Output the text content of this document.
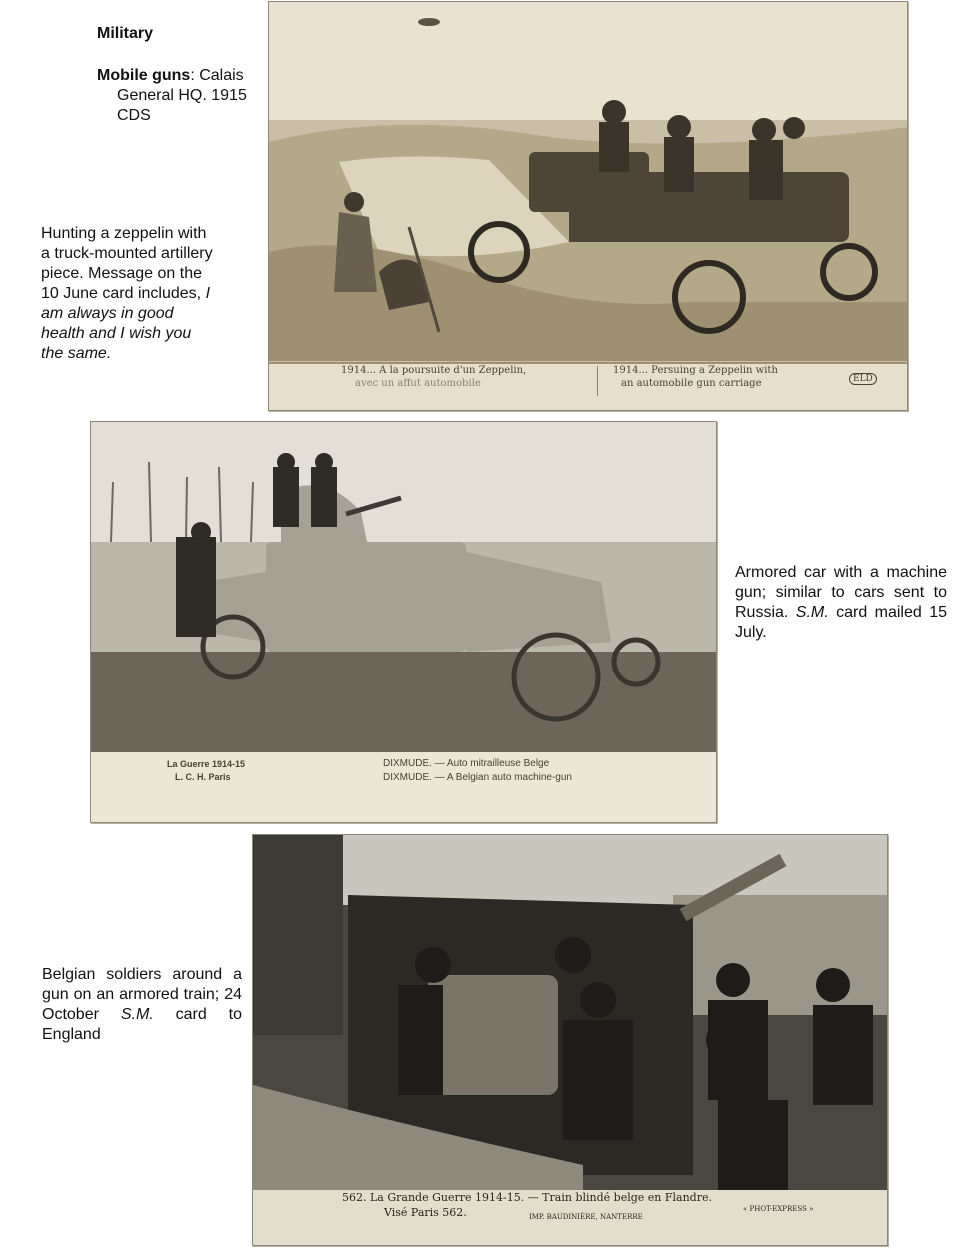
Military
Mobile guns: Calais
General HQ. 1915
CDS
Hunting a zeppelin with
a truck-mounted artillery
piece. Message on the
10 June card includes, I
am always in good
health and I wish you
the same.
Armored car with a machine gun; similar to cars sent to Russia. S.M. card mailed 15 July.
Belgian soldiers around a gun on an armored train; 24 October S.M. card to England
1914... A la poursuite d'un Zeppelin,
avec un affut automobile
1914... Persuing a Zeppelin with
an automobile gun carriage	ELD
La Guerre 1914-15
L. C. H. Paris
DIXMUDE. — Auto mitrailleuse Belge
DIXMUDE. — A Belgian auto machine-gun
562. La Grande Guerre 1914-15. — Train blindé belge en Flandre.
Visé Paris 562.	IMP. BAUDINIÈRE, NANTERRE
« PHOT-EXPRESS »
